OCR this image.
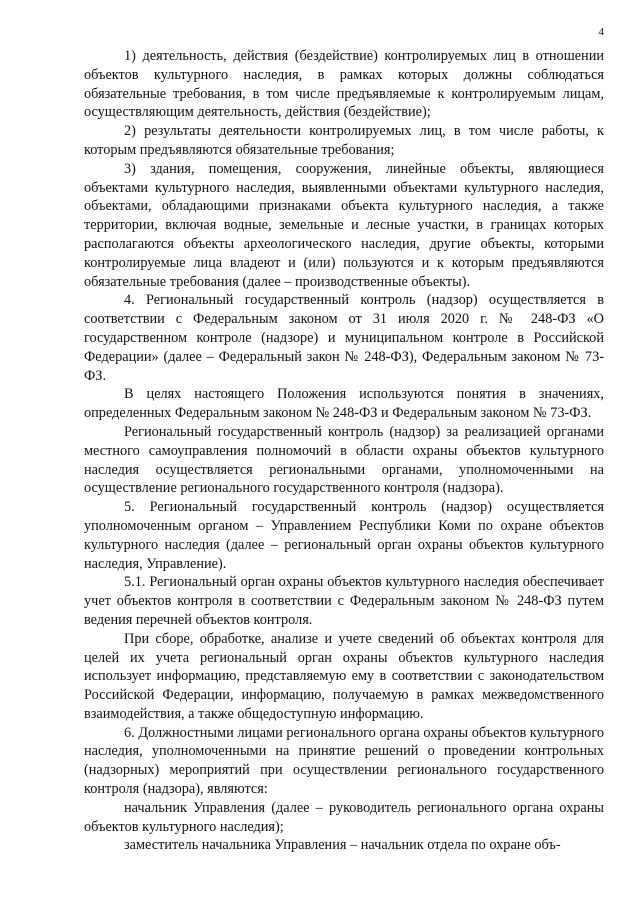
4

1) деятельность, действия (бездействие) контролируемых лиц в отношении объектов культурного наследия, в рамках которых должны соблюдаться обязательные требования, в том числе предъявляемые к контролируемым лицам, осуществляющим деятельность, действия (бездействие);

2) результаты деятельности контролируемых лиц, в том числе работы, к которым предъявляются обязательные требования;

3) здания, помещения, сооружения, линейные объекты, являющиеся объектами культурного наследия, выявленными объектами культурного наследия, объектами, обладающими признаками объекта культурного наследия, а также территории, включая водные, земельные и лесные участки, в границах которых располагаются объекты археологического наследия, другие объекты, которыми контролируемые лица владеют и (или) пользуются и к которым предъявляются обязательные требования (далее – производственные объекты).

4. Региональный государственный контроль (надзор) осуществляется в соответствии с Федеральным законом от 31 июля 2020 г. № 248-ФЗ «О государственном контроле (надзоре) и муниципальном контроле в Российской Федерации» (далее – Федеральный закон № 248-ФЗ), Федеральным законом № 73-ФЗ.

В целях настоящего Положения используются понятия в значениях, определенных Федеральным законом № 248-ФЗ и Федеральным законом № 73-ФЗ.

Региональный государственный контроль (надзор) за реализацией органами местного самоуправления полномочий в области охраны объектов культурного наследия осуществляется региональными органами, уполномоченными на осуществление регионального государственного контроля (надзора).

5. Региональный государственный контроль (надзор) осуществляется уполномоченным органом – Управлением Республики Коми по охране объектов культурного наследия (далее – региональный орган охраны объектов культурного наследия, Управление).

5.1. Региональный орган охраны объектов культурного наследия обеспечивает учет объектов контроля в соответствии с Федеральным законом № 248-ФЗ путем ведения перечней объектов контроля.

При сборе, обработке, анализе и учете сведений об объектах контроля для целей их учета региональный орган охраны объектов культурного наследия использует информацию, представляемую ему в соответствии с законодательством Российской Федерации, информацию, получаемую в рамках межведомственного взаимодействия, а также общедоступную информацию.

6. Должностными лицами регионального органа охраны объектов культурного наследия, уполномоченными на принятие решений о проведении контрольных (надзорных) мероприятий при осуществлении регионального государственного контроля (надзора), являются:

начальник Управления (далее – руководитель регионального органа охраны объектов культурного наследия);

заместитель начальника Управления – начальник отдела по охране объ-
